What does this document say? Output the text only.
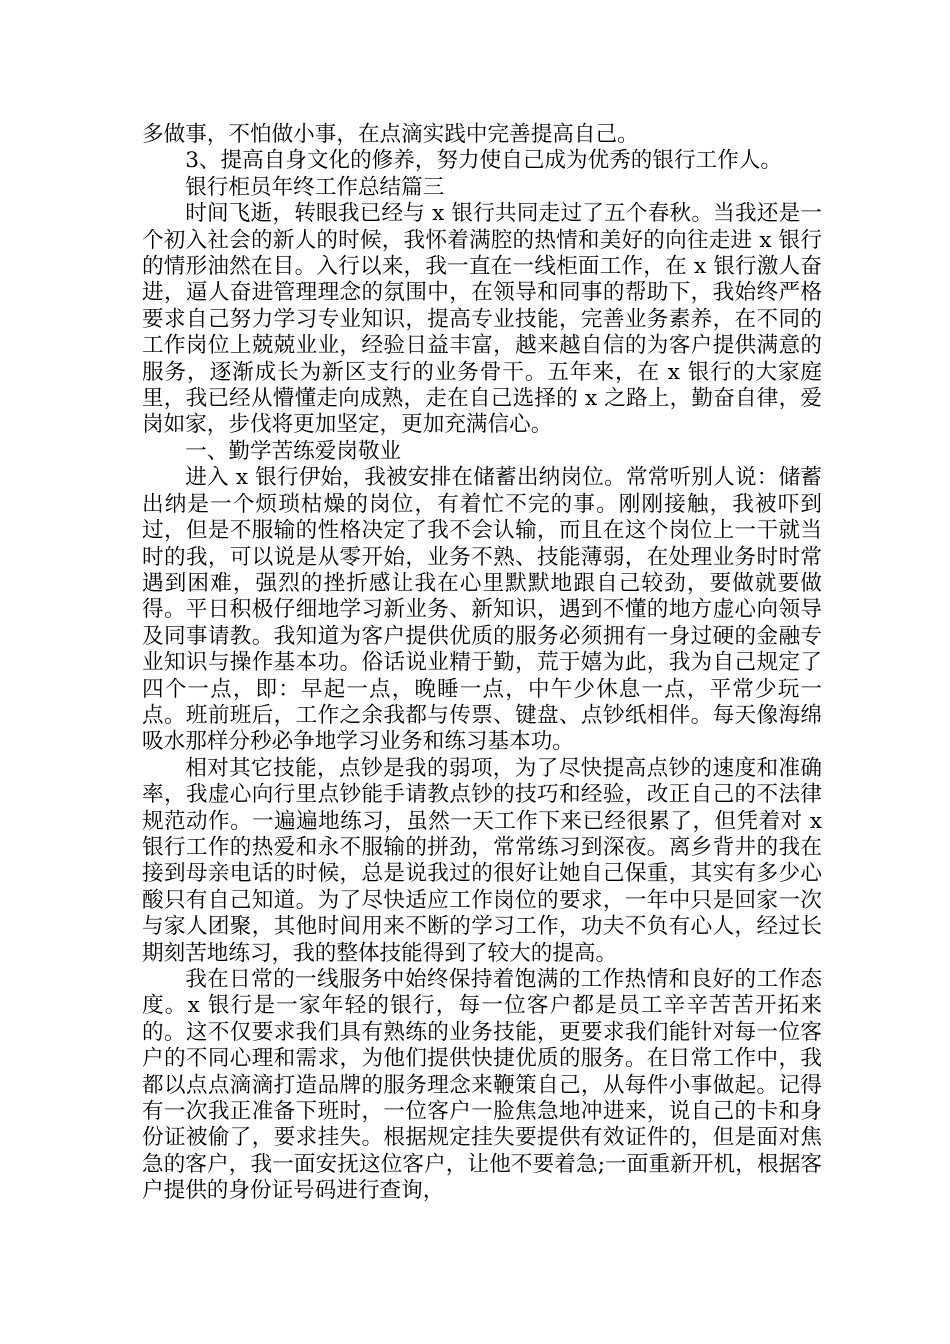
多做事，不怕做小事，在点滴实践中完善提高自己。

3、提高自身文化的修养，努力使自己成为优秀的银行工作人。

银行柜员年终工作总结篇三

时间飞逝，转眼我已经与 x 银行共同走过了五个春秋。当我还是一个初入社会的新人的时候，我怀着满腔的热情和美好的向往走进 x 银行的情形油然在目。入行以来，我一直在一线柜面工作，在 x 银行激人奋进，逼人奋进管理理念的氛围中，在领导和同事的帮助下，我始终严格要求自己努力学习专业知识，提高专业技能，完善业务素养，在不同的工作岗位上兢兢业业，经验日益丰富，越来越自信的为客户提供满意的服务，逐渐成长为新区支行的业务骨干。五年来，在 x 银行的大家庭里，我已经从懵懂走向成熟，走在自己选择的 x 之路上，勤奋自律，爱岗如家，步伐将更加坚定，更加充满信心。

一、勤学苦练爱岗敬业

进入 x 银行伊始，我被安排在储蓄出纳岗位。常常听别人说：储蓄出纳是一个烦琐枯燥的岗位，有着忙不完的事。刚刚接触，我被吓到过，但是不服输的性格决定了我不会认输，而且在这个岗位上一干就当时的我，可以说是从零开始，业务不熟、技能薄弱，在处理业务时时常遇到困难，强烈的挫折感让我在心里默默地跟自己较劲，要做就要做得。平日积极仔细地学习新业务、新知识，遇到不懂的地方虚心向领导及同事请教。我知道为客户提供优质的服务必须拥有一身过硬的金融专业知识与操作基本功。俗话说业精于勤，荒于嬉为此，我为自己规定了四个一点，即：早起一点，晚睡一点，中午少休息一点，平常少玩一点。班前班后，工作之余我都与传票、键盘、点钞纸相伴。每天像海绵吸水那样分秒必争地学习业务和练习基本功。

相对其它技能，点钞是我的弱项，为了尽快提高点钞的速度和准确率，我虚心向行里点钞能手请教点钞的技巧和经验，改正自己的不法律规范动作。一遍遍地练习，虽然一天工作下来已经很累了，但凭着对 x 银行工作的热爱和永不服输的拼劲，常常练习到深夜。离乡背井的我在接到母亲电话的时候，总是说我过的很好让她自己保重，其实有多少心酸只有自己知道。为了尽快适应工作岗位的要求，一年中只是回家一次与家人团聚，其他时间用来不断的学习工作，功夫不负有心人，经过长期刻苦地练习，我的整体技能得到了较大的提高。

我在日常的一线服务中始终保持着饱满的工作热情和良好的工作态度。x 银行是一家年轻的银行，每一位客户都是员工辛辛苦苦开拓来的。这不仅要求我们具有熟练的业务技能，更要求我们能针对每一位客户的不同心理和需求，为他们提供快捷优质的服务。在日常工作中，我都以点点滴滴打造品牌的服务理念来鞭策自己，从每件小事做起。记得有一次我正准备下班时，一位客户一脸焦急地冲进来，说自己的卡和身份证被偷了，要求挂失。根据规定挂失要提供有效证件的，但是面对焦急的客户，我一面安抚这位客户，让他不要着急;一面重新开机，根据客户提供的身份证号码进行查询，
